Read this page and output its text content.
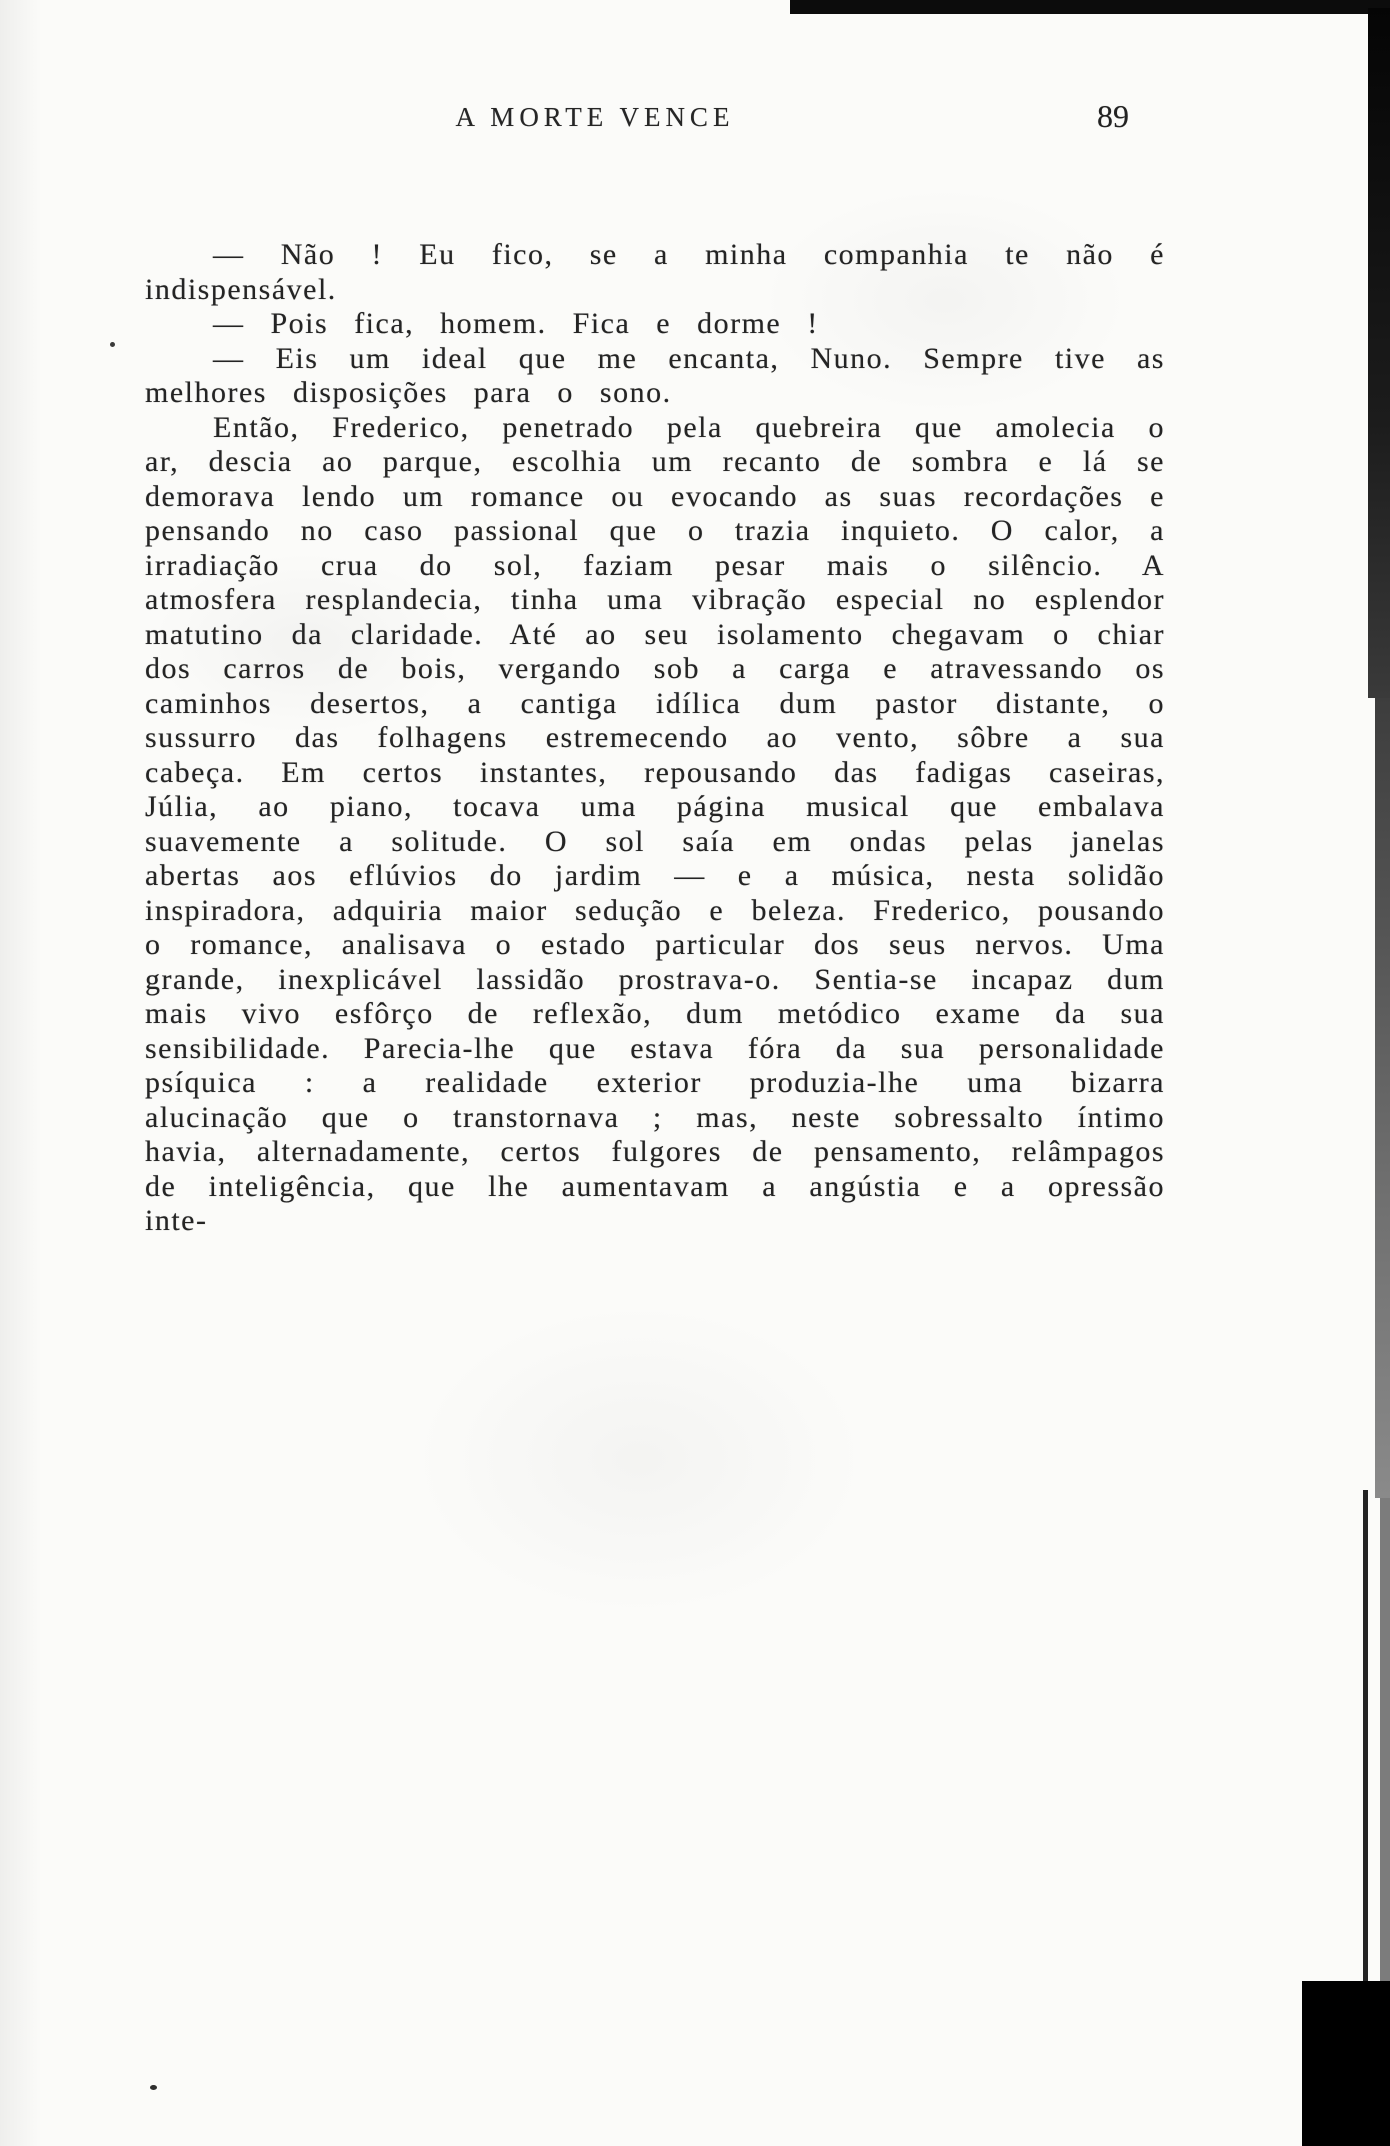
A MORTE VENCE	89

— Não ! Eu fico, se a minha companhia te não é indispensável.

— Pois fica, homem. Fica e dorme !

— Eis um ideal que me encanta, Nuno. Sempre tive as melhores disposições para o sono.

Então, Frederico, penetrado pela quebreira que amolecia o ar, descia ao parque, escolhia um recanto de sombra e lá se demorava lendo um romance ou evocando as suas recordações e pensando no caso passional que o trazia inquieto. O calor, a irradiação crua do sol, faziam pesar mais o silêncio. A atmosfera resplandecia, tinha uma vibração especial no esplendor matutino da claridade. Até ao seu isolamento chegavam o chiar dos carros de bois, vergando sob a carga e atravessando os caminhos desertos, a cantiga idílica dum pastor distante, o sussurro das folhagens estremecendo ao vento, sôbre a sua cabeça. Em certos instantes, repousando das fadigas caseiras, Júlia, ao piano, tocava uma página musical que embalava suavemente a solitude. O sol saía em ondas pelas janelas abertas aos eflúvios do jardim — e a música, nesta solidão inspiradora, adquiria maior sedução e beleza. Frederico, pousando o romance, analisava o estado particular dos seus nervos. Uma grande, inexplicável lassidão prostrava-o. Sentia-se incapaz dum mais vivo esfôrço de reflexão, dum metódico exame da sua sensibilidade. Parecia-lhe que estava fóra da sua personalidade psíquica : a realidade exterior produzia-lhe uma bizarra alucinação que o transtornava ; mas, neste sobressalto íntimo havia, alternadamente, certos fulgores de pensamento, relâmpagos de inteligência, que lhe aumentavam a angústia e a opressão inte-
